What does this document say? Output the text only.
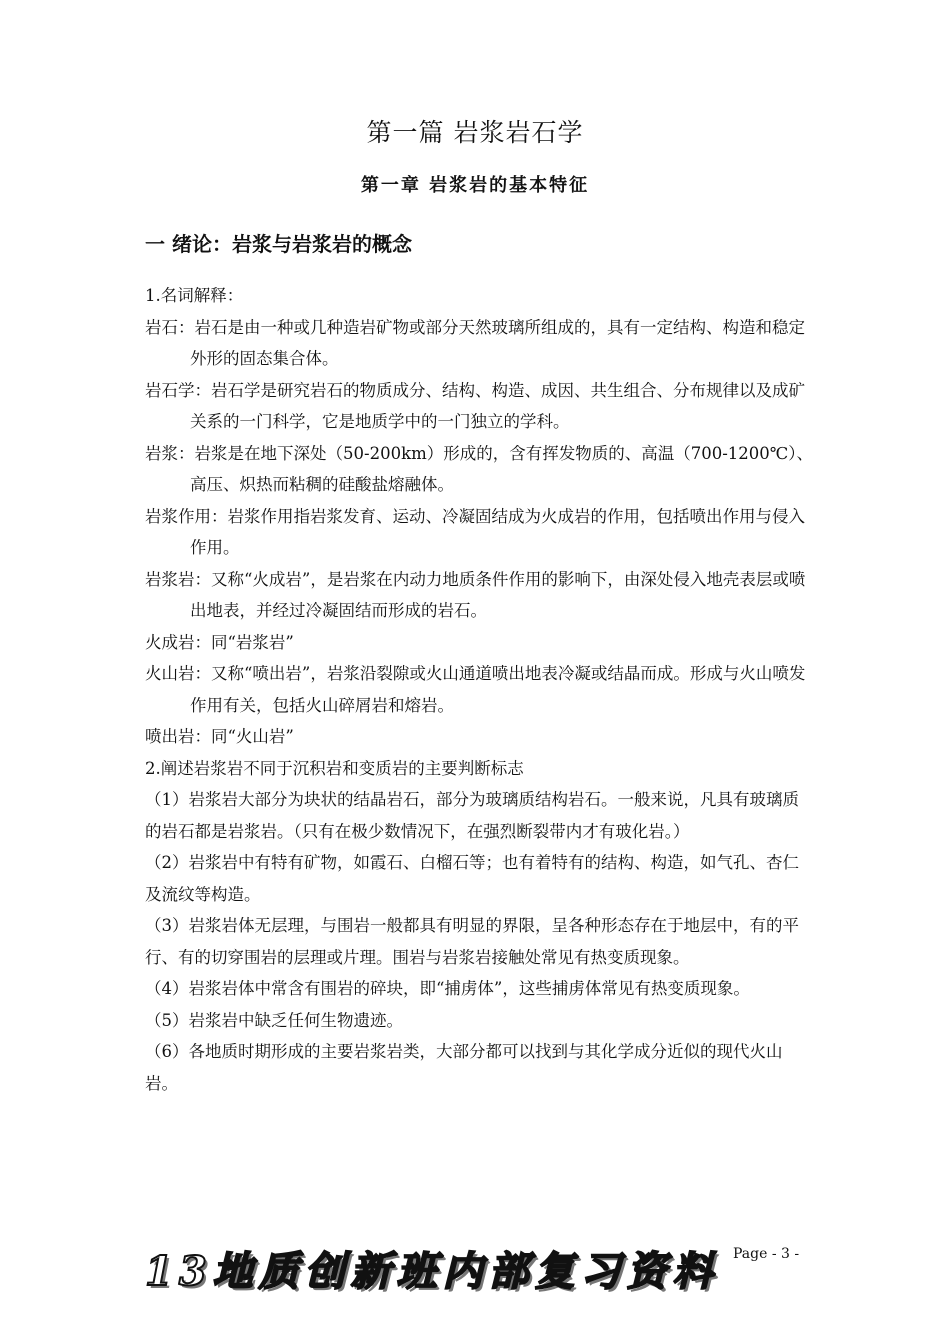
第一篇 岩浆岩石学
第一章 岩浆岩的基本特征
一 绪论：岩浆与岩浆岩的概念

1.名词解释：

岩石：岩石是由一种或几种造岩矿物或部分天然玻璃所组成的，具有一定结构、构造和稳定外形的固态集合体。

岩石学：岩石学是研究岩石的物质成分、结构、构造、成因、共生组合、分布规律以及成矿关系的一门科学，它是地质学中的一门独立的学科。

岩浆：岩浆是在地下深处（50-200km）形成的，含有挥发物质的、高温（700-1200℃）、高压、炽热而粘稠的硅酸盐熔融体。

岩浆作用：岩浆作用指岩浆发育、运动、冷凝固结成为火成岩的作用，包括喷出作用与侵入作用。

岩浆岩：又称“火成岩”，是岩浆在内动力地质条件作用的影响下，由深处侵入地壳表层或喷出地表，并经过冷凝固结而形成的岩石。

火成岩：同“岩浆岩”

火山岩：又称“喷出岩”，岩浆沿裂隙或火山通道喷出地表冷凝或结晶而成。形成与火山喷发作用有关，包括火山碎屑岩和熔岩。

喷出岩：同“火山岩”

2.阐述岩浆岩不同于沉积岩和变质岩的主要判断标志

（1）岩浆岩大部分为块状的结晶岩石，部分为玻璃质结构岩石。一般来说，凡具有玻璃质的岩石都是岩浆岩。（只有在极少数情况下，在强烈断裂带内才有玻化岩。）

（2）岩浆岩中有特有矿物，如霞石、白榴石等；也有着特有的结构、构造，如气孔、杏仁及流纹等构造。

（3）岩浆岩体无层理，与围岩一般都具有明显的界限，呈各种形态存在于地层中，有的平行、有的切穿围岩的层理或片理。围岩与岩浆岩接触处常见有热变质现象。

（4）岩浆岩体中常含有围岩的碎块，即“捕虏体”，这些捕虏体常见有热变质现象。

（5）岩浆岩中缺乏任何生物遗迹。

（6）各地质时期形成的主要岩浆岩类，大部分都可以找到与其化学成分近似的现代火山岩。

13地质创新班内部复习资料 Page - 3 -
